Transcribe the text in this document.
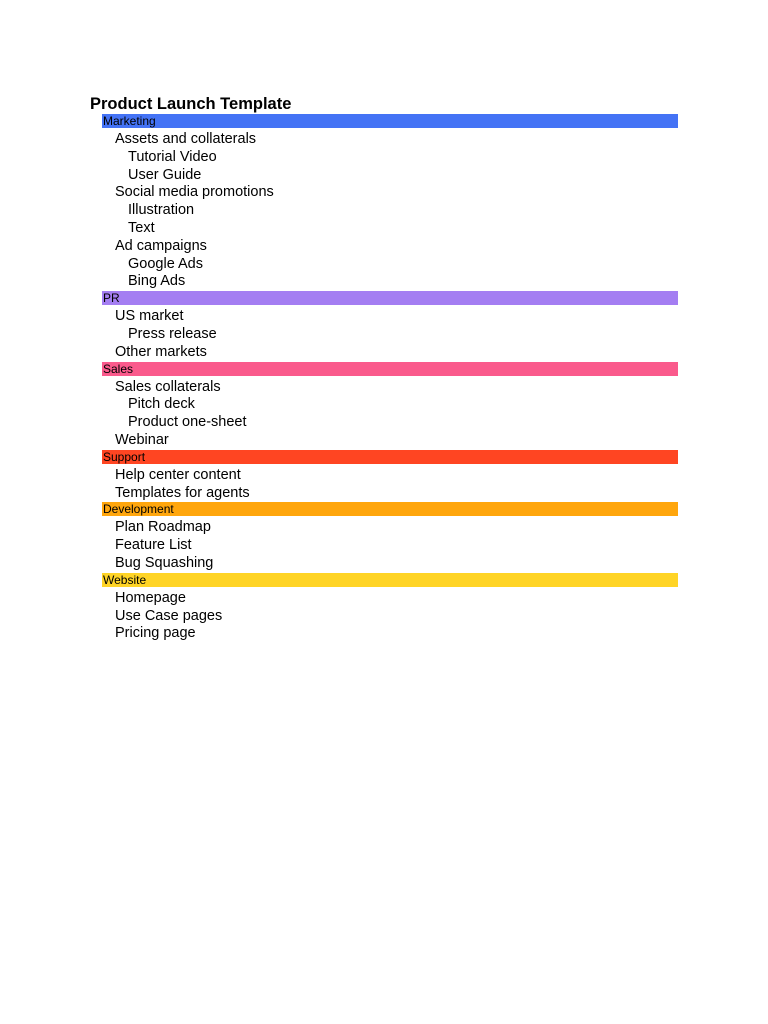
Product Launch Template
Marketing
Assets and collaterals
Tutorial Video
User Guide
Social media promotions
Illustration
Text
Ad campaigns
Google Ads
Bing Ads
PR
US market
Press release
Other markets
Sales
Sales collaterals
Pitch deck
Product one-sheet
Webinar
Support
Help center content
Templates for agents
Development
Plan Roadmap
Feature List
Bug Squashing
Website
Homepage
Use Case pages
Pricing page
